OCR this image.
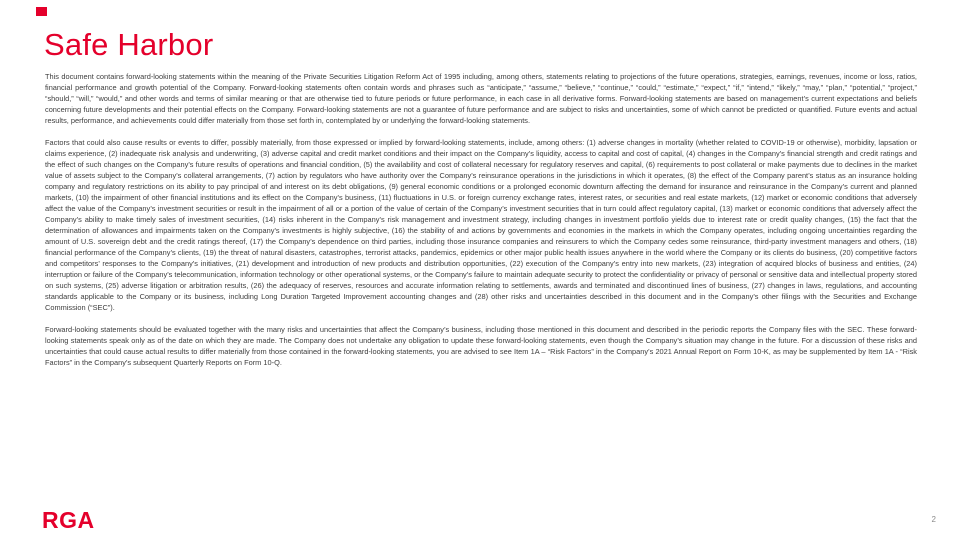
Safe Harbor

This document contains forward-looking statements within the meaning of the Private Securities Litigation Reform Act of 1995 including, among others, statements relating to projections of the future operations, strategies, earnings, revenues, income or loss, ratios, financial performance and growth potential of the Company. Forward-looking statements often contain words and phrases such as “anticipate,” “assume,” “believe,” “continue,” “could,” “estimate,” “expect,” “if,” “intend,” “likely,” “may,” “plan,” “potential,” “project,” “should,” “will,” “would,” and other words and terms of similar meaning or that are otherwise tied to future periods or future performance, in each case in all derivative forms. Forward-looking statements are based on management’s current expectations and beliefs concerning future developments and their potential effects on the Company. Forward-looking statements are not a guarantee of future performance and are subject to risks and uncertainties, some of which cannot be predicted or quantified. Future events and actual results, performance, and achievements could differ materially from those set forth in, contemplated by or underlying the forward-looking statements.

Factors that could also cause results or events to differ, possibly materially, from those expressed or implied by forward-looking statements, include, among others: (1) adverse changes in mortality (whether related to COVID-19 or otherwise), morbidity, lapsation or claims experience, (2) inadequate risk analysis and underwriting, (3) adverse capital and credit market conditions and their impact on the Company’s liquidity, access to capital and cost of capital, (4) changes in the Company’s financial strength and credit ratings and the effect of such changes on the Company’s future results of operations and financial condition, (5) the availability and cost of collateral necessary for regulatory reserves and capital, (6) requirements to post collateral or make payments due to declines in the market value of assets subject to the Company’s collateral arrangements, (7) action by regulators who have authority over the Company’s reinsurance operations in the jurisdictions in which it operates, (8) the effect of the Company parent’s status as an insurance holding company and regulatory restrictions on its ability to pay principal of and interest on its debt obligations, (9) general economic conditions or a prolonged economic downturn affecting the demand for insurance and reinsurance in the Company’s current and planned markets, (10) the impairment of other financial institutions and its effect on the Company’s business, (11) fluctuations in U.S. or foreign currency exchange rates, interest rates, or securities and real estate markets, (12) market or economic conditions that adversely affect the value of the Company’s investment securities or result in the impairment of all or a portion of the value of certain of the Company’s investment securities that in turn could affect regulatory capital, (13) market or economic conditions that adversely affect the Company’s ability to make timely sales of investment securities, (14) risks inherent in the Company’s risk management and investment strategy, including changes in investment portfolio yields due to interest rate or credit quality changes, (15) the fact that the determination of allowances and impairments taken on the Company’s investments is highly subjective, (16) the stability of and actions by governments and economies in the markets in which the Company operates, including ongoing uncertainties regarding the amount of U.S. sovereign debt and the credit ratings thereof, (17) the Company’s dependence on third parties, including those insurance companies and reinsurers to which the Company cedes some reinsurance, third-party investment managers and others, (18) financial performance of the Company’s clients, (19) the threat of natural disasters, catastrophes, terrorist attacks, pandemics, epidemics or other major public health issues anywhere in the world where the Company or its clients do business, (20) competitive factors and competitors’ responses to the Company’s initiatives, (21) development and introduction of new products and distribution opportunities, (22) execution of the Company’s entry into new markets, (23) integration of acquired blocks of business and entities, (24) interruption or failure of the Company’s telecommunication, information technology or other operational systems, or the Company’s failure to maintain adequate security to protect the confidentiality or privacy of personal or sensitive data and intellectual property stored on such systems, (25) adverse litigation or arbitration results, (26) the adequacy of reserves, resources and accurate information relating to settlements, awards and terminated and discontinued lines of business, (27) changes in laws, regulations, and accounting standards applicable to the Company or its business, including Long Duration Targeted Improvement accounting changes and (28) other risks and uncertainties described in this document and in the Company’s other filings with the Securities and Exchange Commission (“SEC”).

Forward-looking statements should be evaluated together with the many risks and uncertainties that affect the Company’s business, including those mentioned in this document and described in the periodic reports the Company files with the SEC. These forward-looking statements speak only as of the date on which they are made. The Company does not undertake any obligation to update these forward-looking statements, even though the Company’s situation may change in the future. For a discussion of these risks and uncertainties that could cause actual results to differ materially from those contained in the forward-looking statements, you are advised to see Item 1A – “Risk Factors” in the Company’s 2021 Annual Report on Form 10-K, as may be supplemented by Item 1A - “Risk Factors” in the Company’s subsequent Quarterly Reports on Form 10-Q.

RGA	2
